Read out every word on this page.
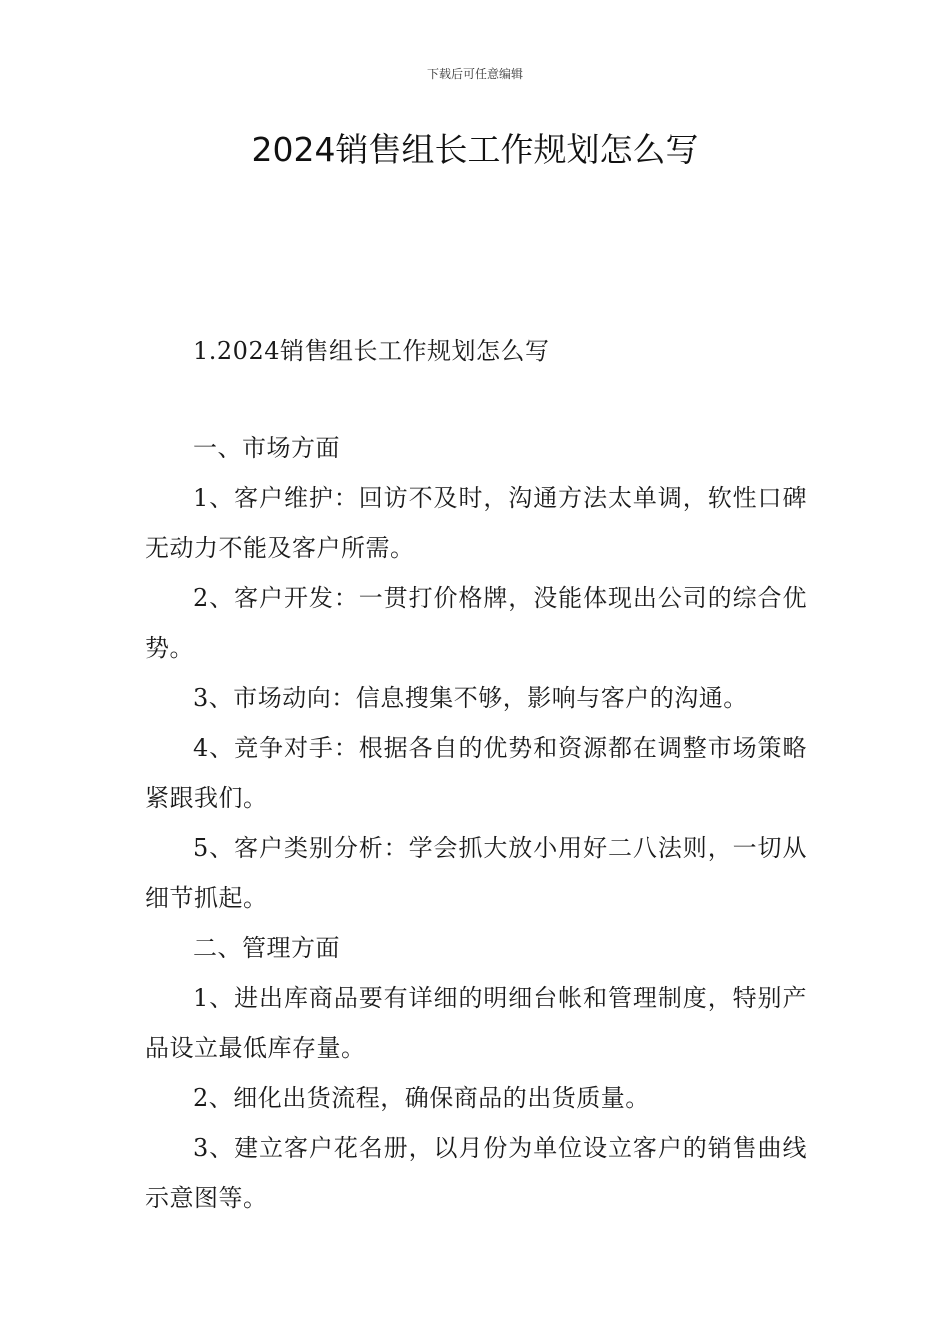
下载后可任意编辑
2024销售组长工作规划怎么写

1.2024销售组长工作规划怎么写

一、市场方面

1、客户维护：回访不及时，沟通方法太单调，软性口碑无动力不能及客户所需。

2、客户开发：一贯打价格牌，没能体现出公司的综合优势。

3、市场动向：信息搜集不够，影响与客户的沟通。

4、竞争对手：根据各自的优势和资源都在调整市场策略紧跟我们。

5、客户类别分析：学会抓大放小用好二八法则，一切从细节抓起。

二、管理方面

1、进出库商品要有详细的明细台帐和管理制度，特别产品设立最低库存量。

2、细化出货流程，确保商品的出货质量。

3、建立客户花名册，以月份为单位设立客户的销售曲线示意图等。
